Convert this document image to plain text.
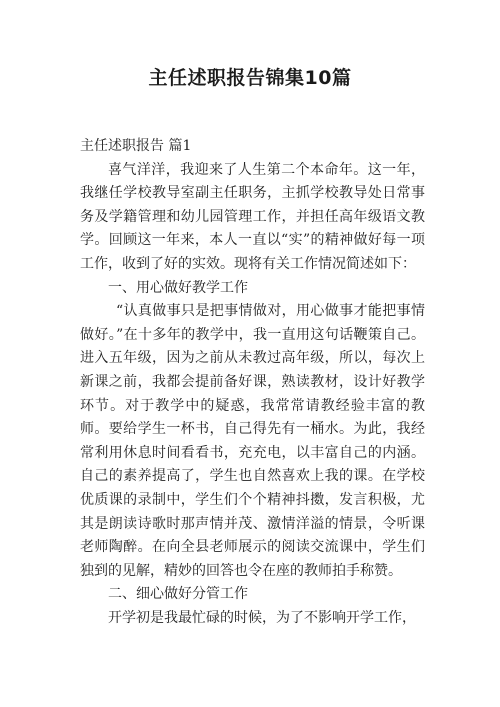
主任述职报告锦集10篇

主任述职报告 篇1

喜气洋洋，我迎来了人生第二个本命年。这一年，我继任学校教导室副主任职务，主抓学校教导处日常事务及学籍管理和幼儿园管理工作，并担任高年级语文教学。回顾这一年来，本人一直以“实”的精神做好每一项工作，收到了好的实效。现将有关工作情况简述如下：

一、用心做好教学工作

“认真做事只是把事情做对，用心做事才能把事情做好。”在十多年的教学中，我一直用这句话鞭策自己。进入五年级，因为之前从未教过高年级，所以，每次上新课之前，我都会提前备好课，熟读教材，设计好教学环节。对于教学中的疑惑，我常常请教经验丰富的教师。要给学生一杯书，自己得先有一桶水。为此，我经常利用休息时间看看书，充充电，以丰富自己的内涵。自己的素养提高了，学生也自然喜欢上我的课。在学校优质课的录制中，学生们个个精神抖擞，发言积极，尤其是朗读诗歌时那声情并茂、激情洋溢的情景，令听课老师陶醉。在向全县老师展示的阅读交流课中，学生们独到的见解，精妙的回答也令在座的教师拍手称赞。

二、细心做好分管工作

开学初是我最忙碌的时候，为了不影响开学工作，
